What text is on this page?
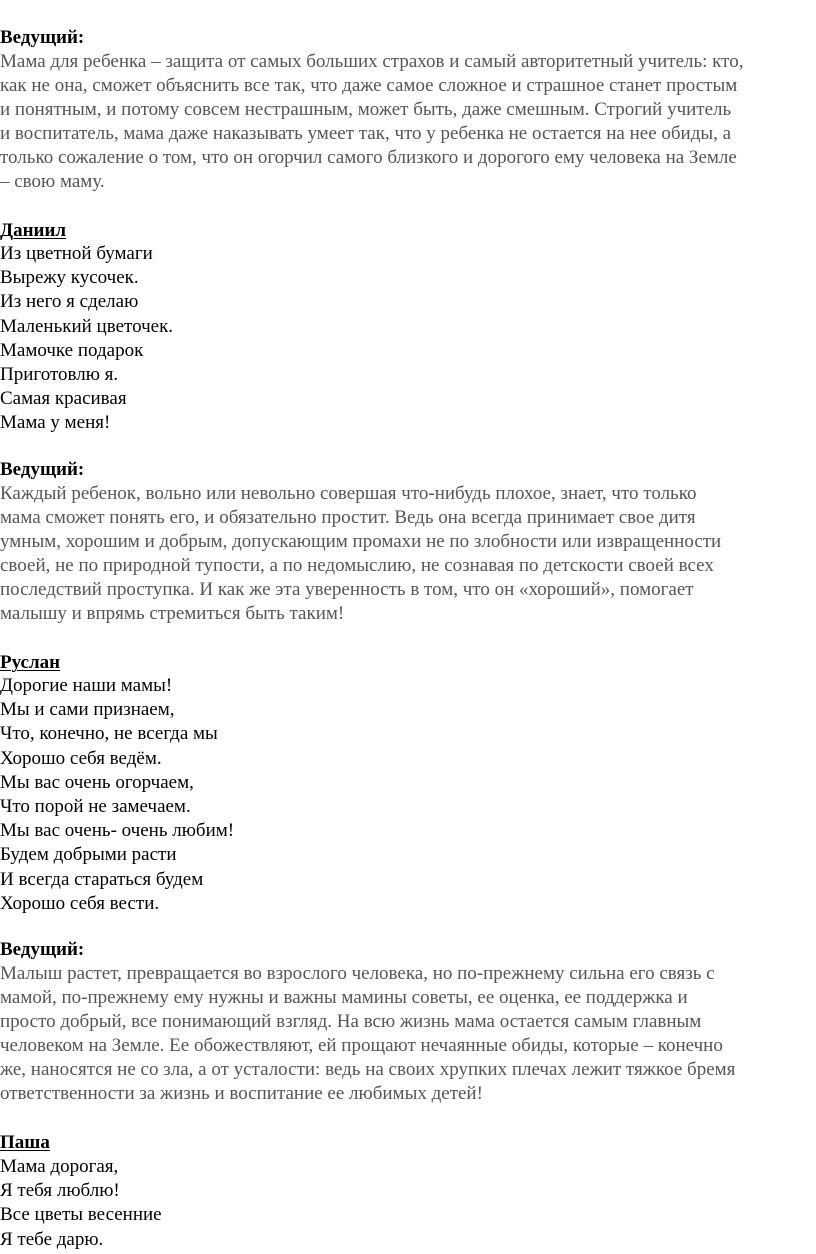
Ведущий:
Мама для ребенка – защита от самых больших страхов и самый авторитетный учитель: кто,
как не она, сможет объяснить все так, что даже самое сложное и страшное станет простым
и понятным, и потому совсем нестрашным, может быть, даже смешным. Строгий учитель
и воспитатель, мама даже наказывать умеет так, что у ребенка не остается на нее обиды, а
только сожаление о том, что он огорчил самого близкого и дорогого ему человека на Земле
– свою маму.
Даниил
Из цветной бумаги
Вырежу кусочек.
Из него я сделаю
Маленький цветочек.
Мамочке подарок
Приготовлю я.
Самая красивая
Мама у меня!
Ведущий:
Каждый ребенок, вольно или невольно совершая что-нибудь плохое, знает, что только
мама сможет понять его, и обязательно простит. Ведь она всегда принимает свое дитя
умным, хорошим и добрым, допускающим промахи не по злобности или извращенности
своей, не по природной тупости, а по недомыслию, не сознавая по детскости своей всех
последствий проступка. И как же эта уверенность в том, что он «хороший», помогает
малышу и впрямь стремиться быть таким!
Руслан
Дорогие наши мамы!
Мы и сами признаем,
Что, конечно, не всегда мы
Хорошо себя ведём.
Мы вас очень огорчаем,
Что порой не замечаем.
Мы вас очень- очень любим!
Будем добрыми расти
И всегда стараться будем
Хорошо себя вести.
Ведущий:
Малыш растет, превращается во взрослого человека, но по-прежнему сильна его связь с
мамой, по-прежнему ему нужны и важны мамины советы, ее оценка, ее поддержка и
просто добрый, все понимающий взгляд. На всю жизнь мама остается самым главным
человеком на Земле. Ее обожествляют, ей прощают нечаянные обиды, которые – конечно
же, наносятся не со зла, а от усталости: ведь на своих хрупких плечах лежит тяжкое бремя
ответственности за жизнь и воспитание ее любимых детей!
Паша
Мама дорогая,
Я тебя люблю!
Все цветы весенние
Я тебе дарю.
